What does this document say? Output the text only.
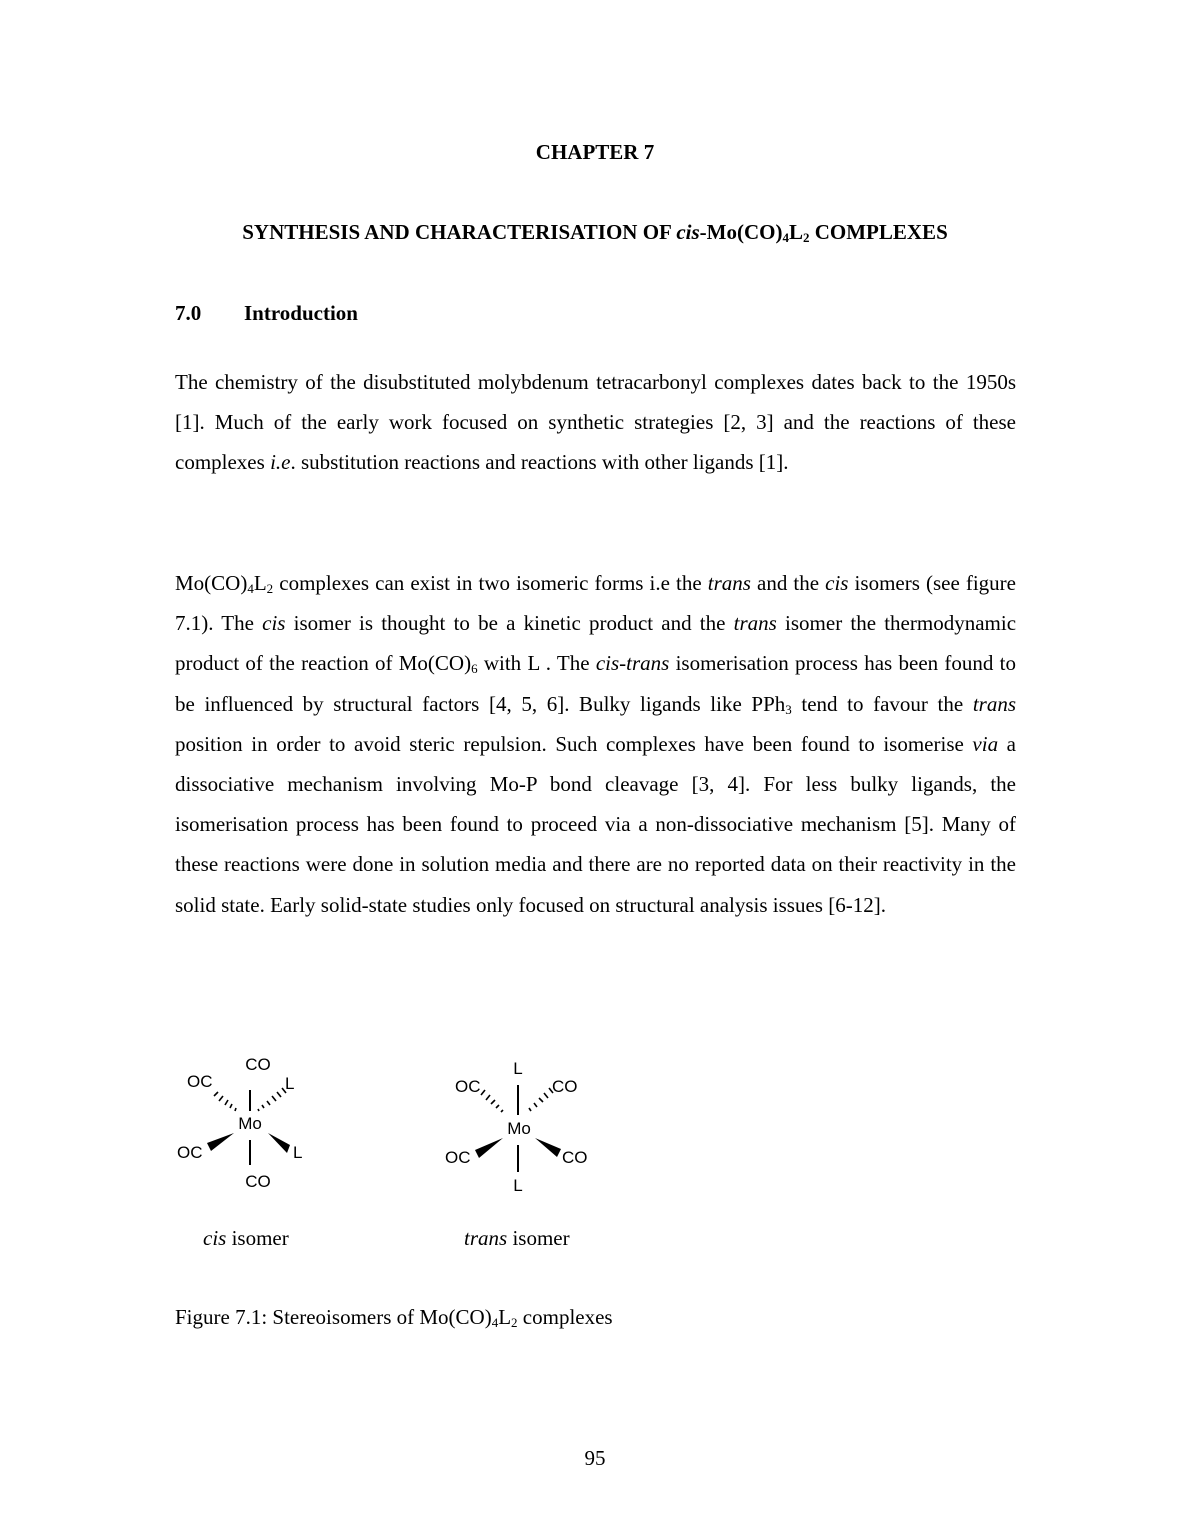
CHAPTER 7
SYNTHESIS AND CHARACTERISATION OF cis-$Mo(CO)_4L_2$ COMPLEXES
7.0 Introduction

The chemistry of the disubstituted molybdenum tetracarbonyl complexes dates back to the 1950s [1]. Much of the early work focused on synthetic strategies [2, 3] and the reactions of these complexes i.e. substitution reactions and reactions with other ligands [1].

$Mo(CO)_4L_2$ complexes can exist in two isomeric forms i.e the trans and the cis isomers (see figure 7.1). The cis isomer is thought to be a kinetic product and the trans isomer the thermodynamic product of the reaction of $Mo(CO)_6$ with L . The cis-trans isomerisation process has been found to be influenced by structural factors [4, 5, 6]. Bulky ligands like PPh$_3$ tend to favour the trans position in order to avoid steric repulsion. Such complexes have been found to isomerise via a dissociative mechanism involving Mo-P bond cleavage [3, 4]. For less bulky ligands, the isomerisation process has been found to proceed via a non-dissociative mechanism [5]. Many of these reactions were done in solution media and there are no reported data on their reactivity in the solid state. Early solid-state studies only focused on structural analysis issues [6-12].

CO
OC	L
Mo
OC	L
CO
L
OC	CO
Mo
OC	CO
L
cis isomer	trans isomer
Figure 7.1: Stereoisomers of $Mo(CO)_4L_2$ complexes
95
